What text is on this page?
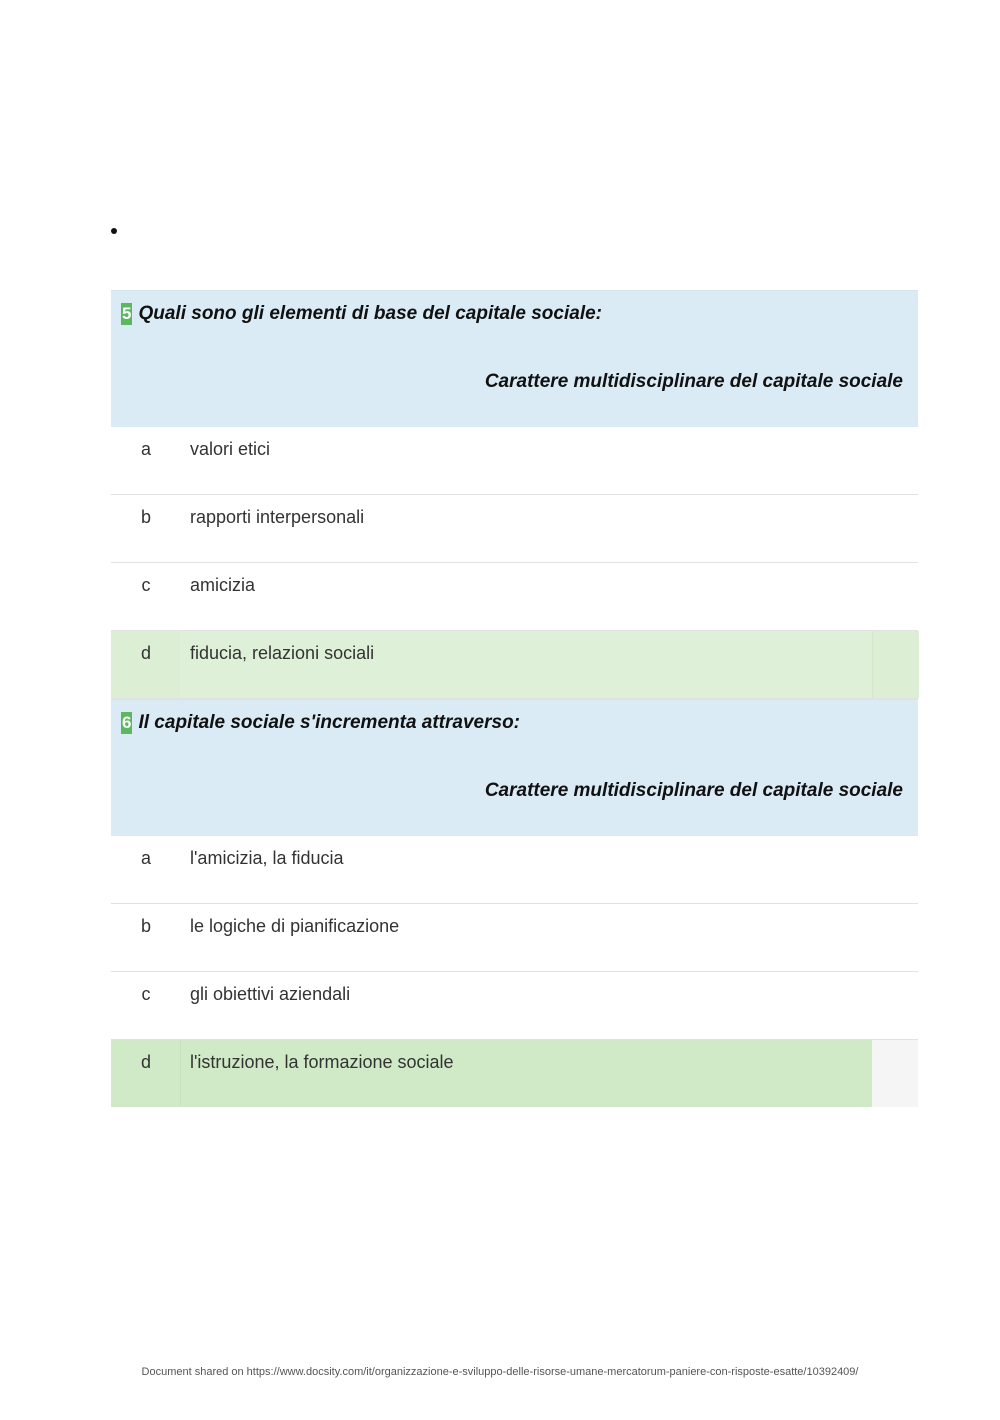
5 Quali sono gli elementi di base del capitale sociale:
Carattere multidisciplinare del capitale sociale
a valori etici
b rapporti interpersonali
c amicizia
d fiducia, relazioni sociali
6 Il capitale sociale s'incrementa attraverso:
Carattere multidisciplinare del capitale sociale
a l'amicizia, la fiducia
b le logiche di pianificazione
c gli obiettivi aziendali
d l'istruzione, la formazione sociale
Document shared on https://www.docsity.com/it/organizzazione-e-sviluppo-delle-risorse-umane-mercatorum-paniere-con-risposte-esatte/10392409/
